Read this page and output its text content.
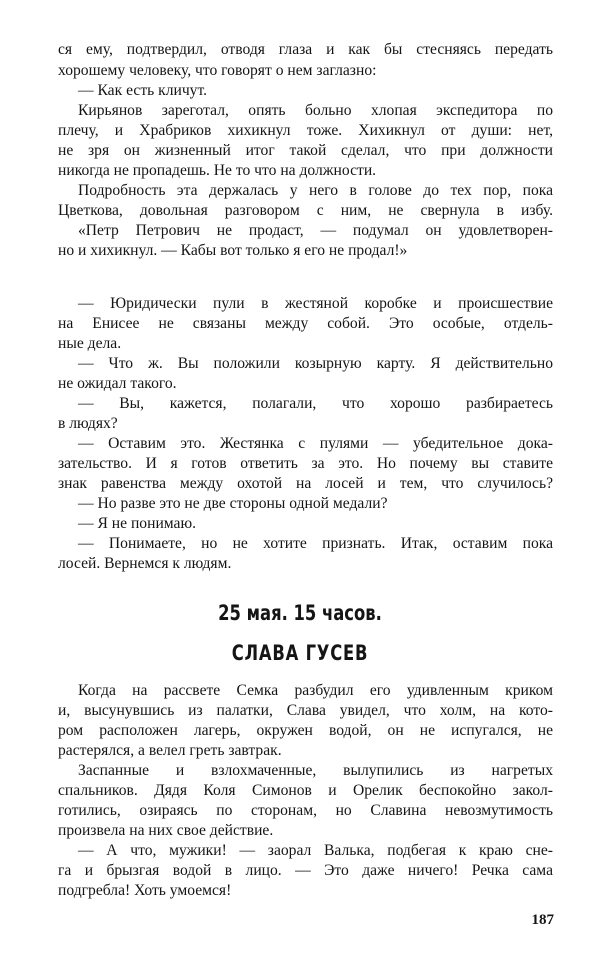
ся ему, подтвердил, отводя глаза и как бы стесняясь передать
хорошему человеку, что говорят о нем заглазно:
— Как есть кличут.
Кирьянов зареготал, опять больно хлопая экспедитора по
плечу, и Храбриков хихикнул тоже. Хихикнул от души: нет,
не зря он жизненный итог такой сделал, что при должности
никогда не пропадешь. Не то что на должности.
Подробность эта держалась у него в голове до тех пор, пока
Цветкова, довольная разговором с ним, не свернула в избу.
«Петр Петрович не продаст, — подумал он удовлетворен-
но и хихикнул. — Кабы вот только я его не продал!»
— Юридически пули в жестяной коробке и происшествие
на Енисее не связаны между собой. Это особые, отдель-
ные дела.
— Что ж. Вы положили козырную карту. Я действительно
не ожидал такого.
— Вы, кажется, полагали, что хорошо разбираетесь
в людях?
— Оставим это. Жестянка с пулями — убедительное дока-
зательство. И я готов ответить за это. Но почему вы ставите
знак равенства между охотой на лосей и тем, что случилось?
— Но разве это не две стороны одной медали?
— Я не понимаю.
— Понимаете, но не хотите признать. Итак, оставим пока
лосей. Вернемся к людям.
25 мая. 15 часов.
СЛАВА ГУСЕВ
Когда на рассвете Семка разбудил его удивленным криком
и, высунувшись из палатки, Слава увидел, что холм, на кото-
ром расположен лагерь, окружен водой, он не испугался, не
растерялся, а велел греть завтрак.
Заспанные и взлохмаченные, вылупились из нагретых
спальников. Дядя Коля Симонов и Орелик беспокойно закол-
готились, озираясь по сторонам, но Славина невозмутимость
произвела на них свое действие.
— А что, мужики! — заорал Валька, подбегая к краю сне-
га и брызгая водой в лицо. — Это даже ничего! Речка сама
подгребла! Хоть умоемся!
187
